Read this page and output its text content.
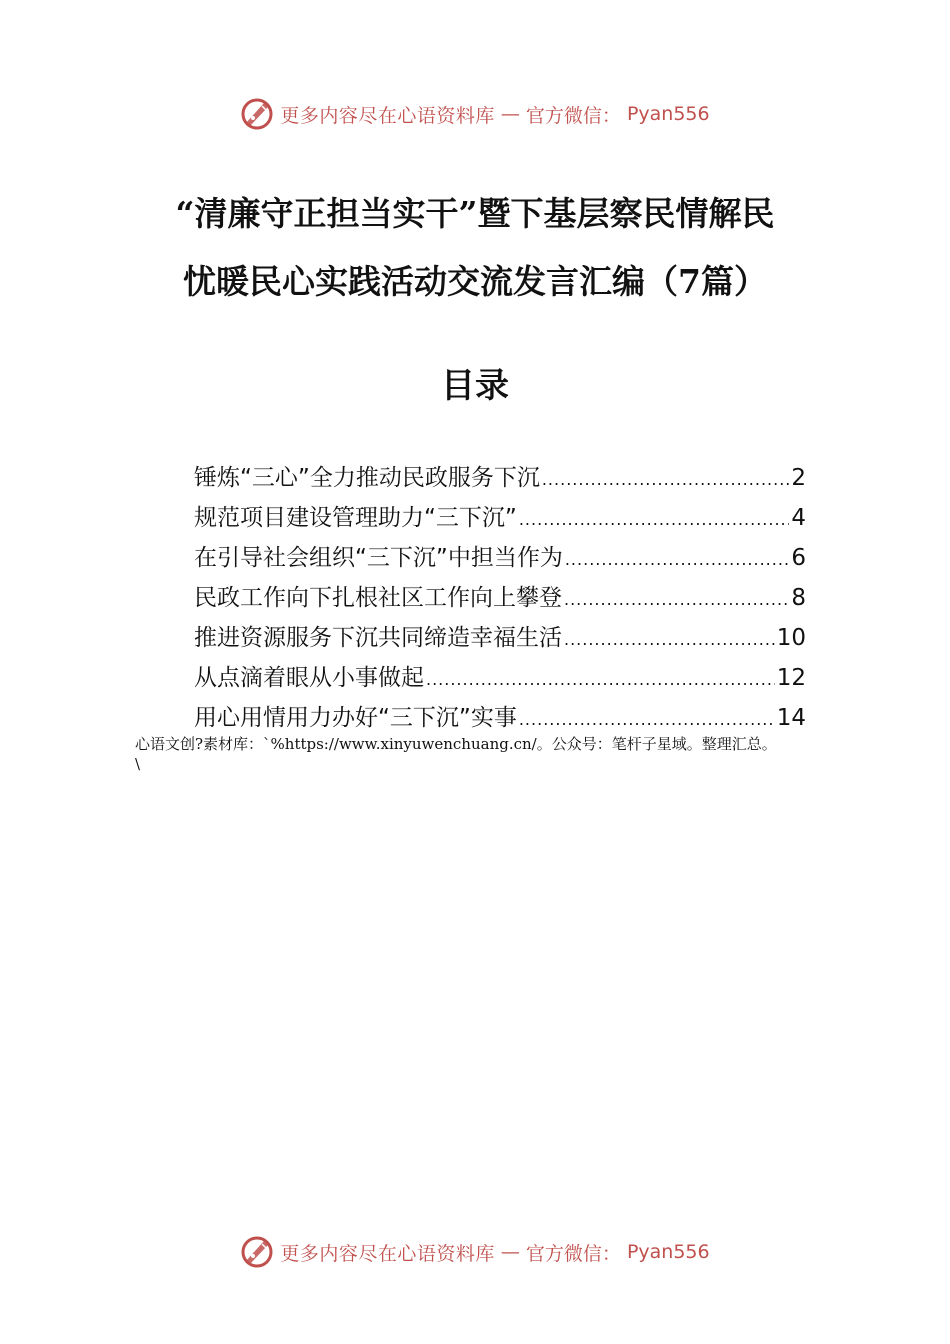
更多内容尽在心语资料库 — 官方微信： Pyan556
“清廉守正担当实干”暨下基层察民情解民
忧暖民心实践活动交流发言汇编（7篇）
目录
锤炼“三心”全力推动民政服务下沉 .....	2
规范项目建设管理助力“三下沉” .....	4
在引导社会组织“三下沉”中担当作为 .....	6
民政工作向下扎根社区工作向上攀登 .....	8
推进资源服务下沉共同缔造幸福生活 .....	10
从点滴着眼从小事做起 .....	12
用心用情用力办好“三下沉”实事 .....	14
心语文创?素材库：`%https://www.xinyuwenchuang.cn/。公众号：笔杆子星域。整理汇总。
\
更多内容尽在心语资料库 — 官方微信： Pyan556
